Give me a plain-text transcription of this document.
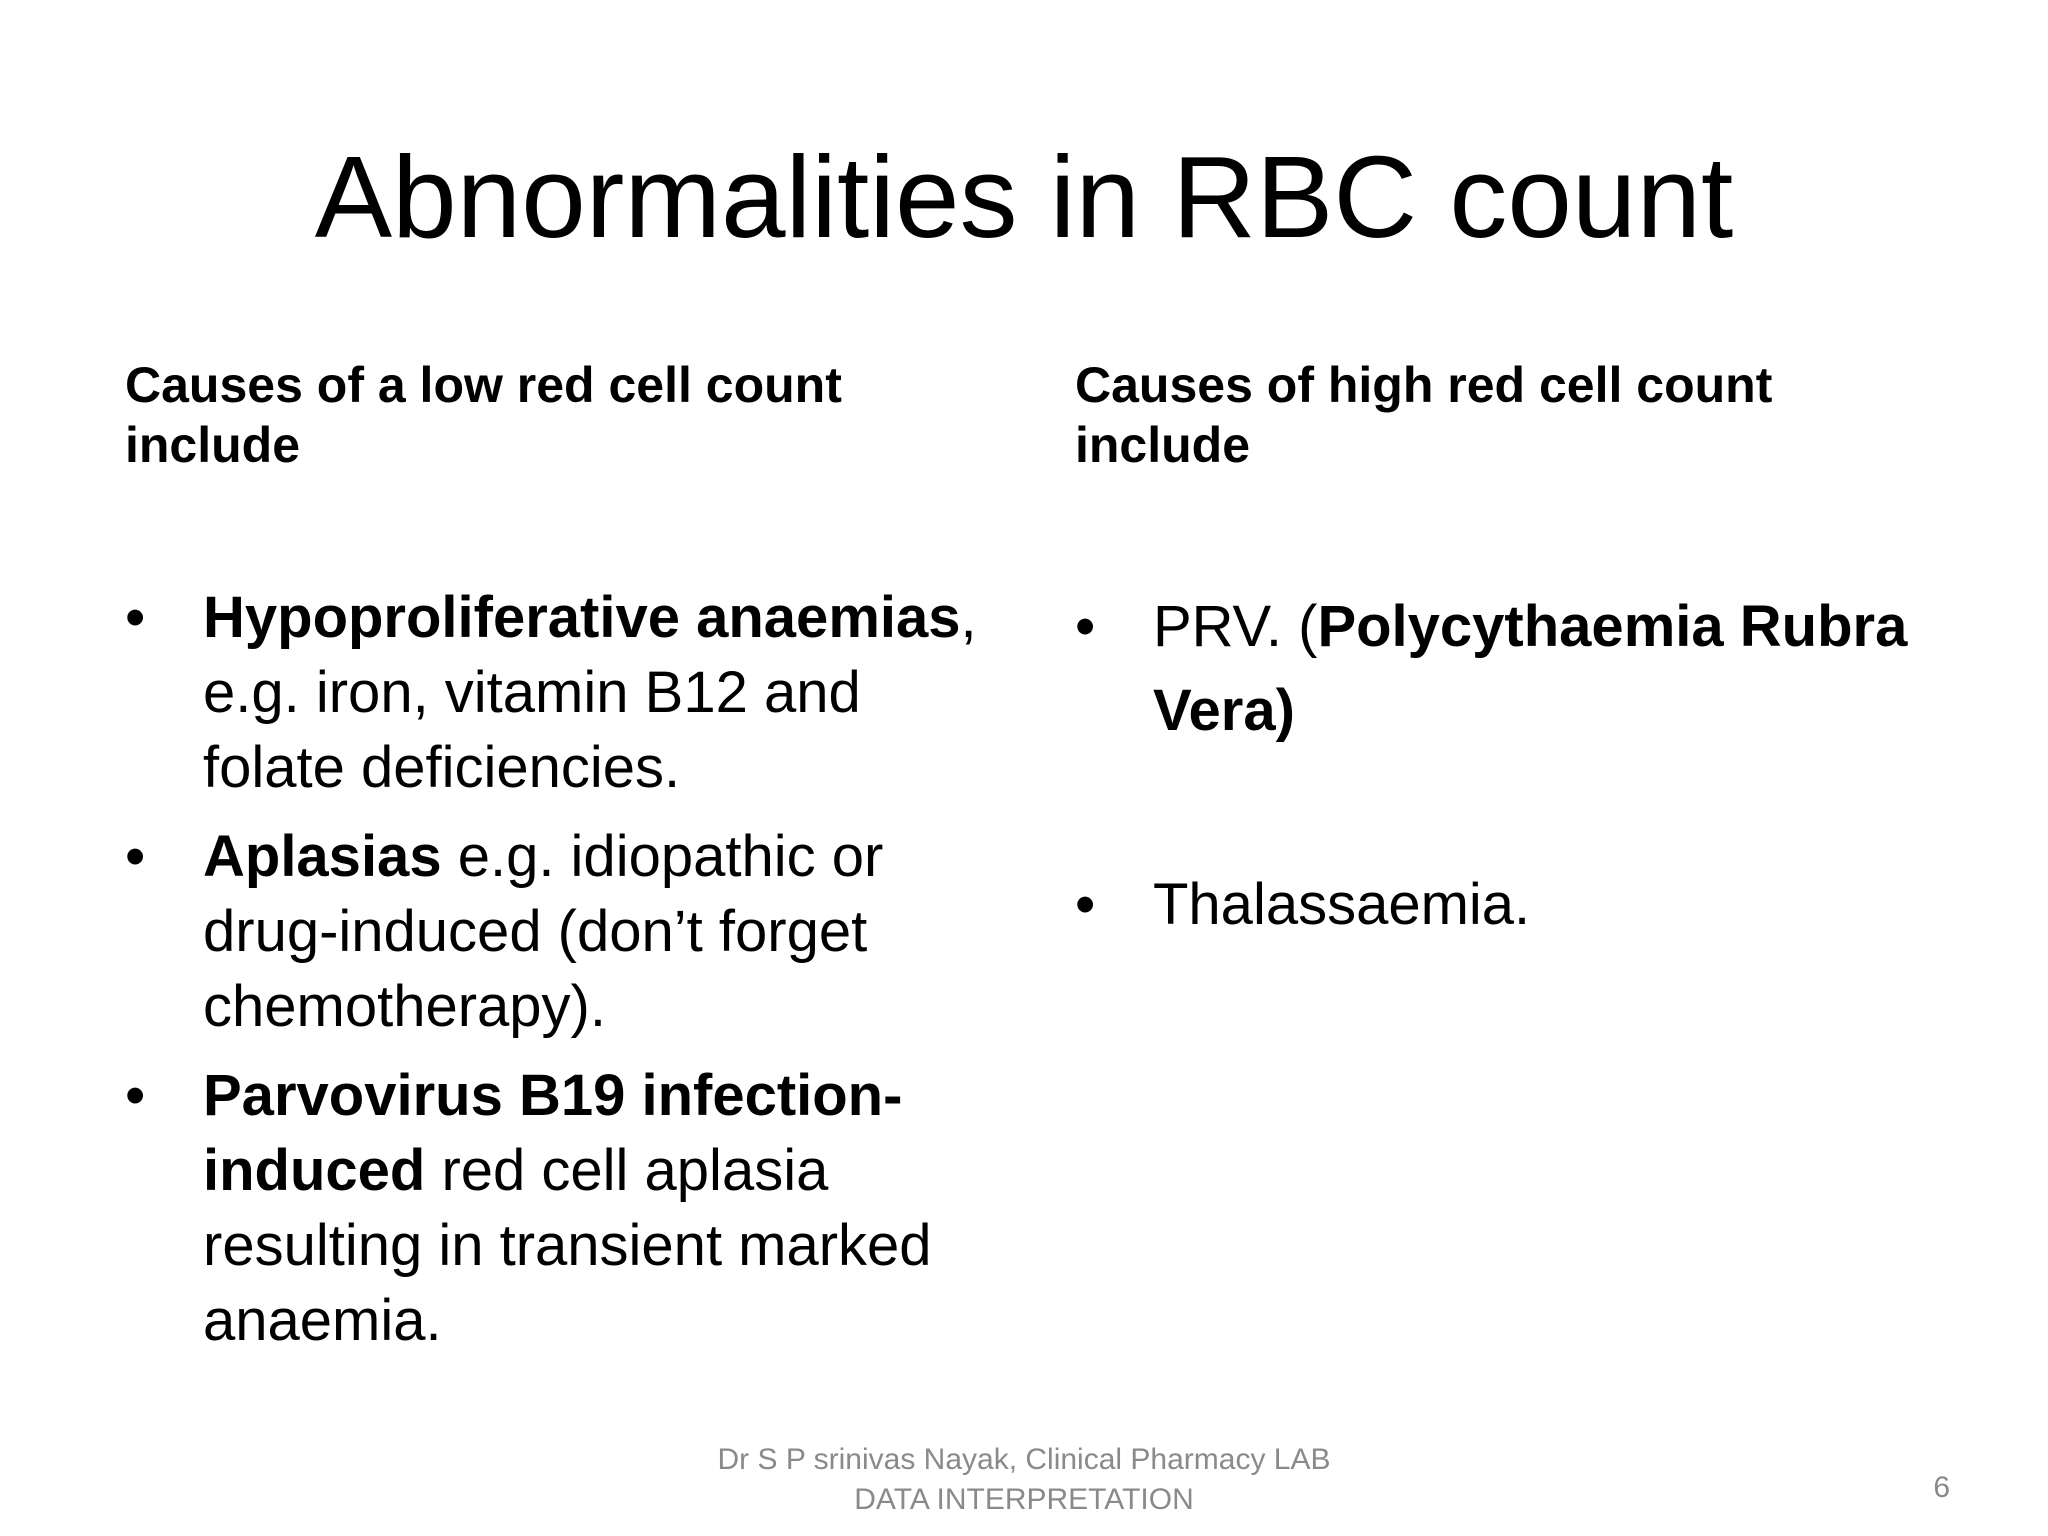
Abnormalities in RBC count
Causes of a low red cell count include
Causes of high red cell count include
• Hypoproliferative anaemias, e.g. iron, vitamin B12 and folate deficiencies.
• Aplasias e.g. idiopathic or drug-induced (don’t forget chemotherapy).
• Parvovirus B19 infection-induced red cell aplasia resulting in transient marked anaemia.
• PRV. (Polycythaemia Rubra Vera)
• Thalassaemia.
Dr S P srinivas Nayak, Clinical Pharmacy LAB
DATA INTERPRETATION	6
